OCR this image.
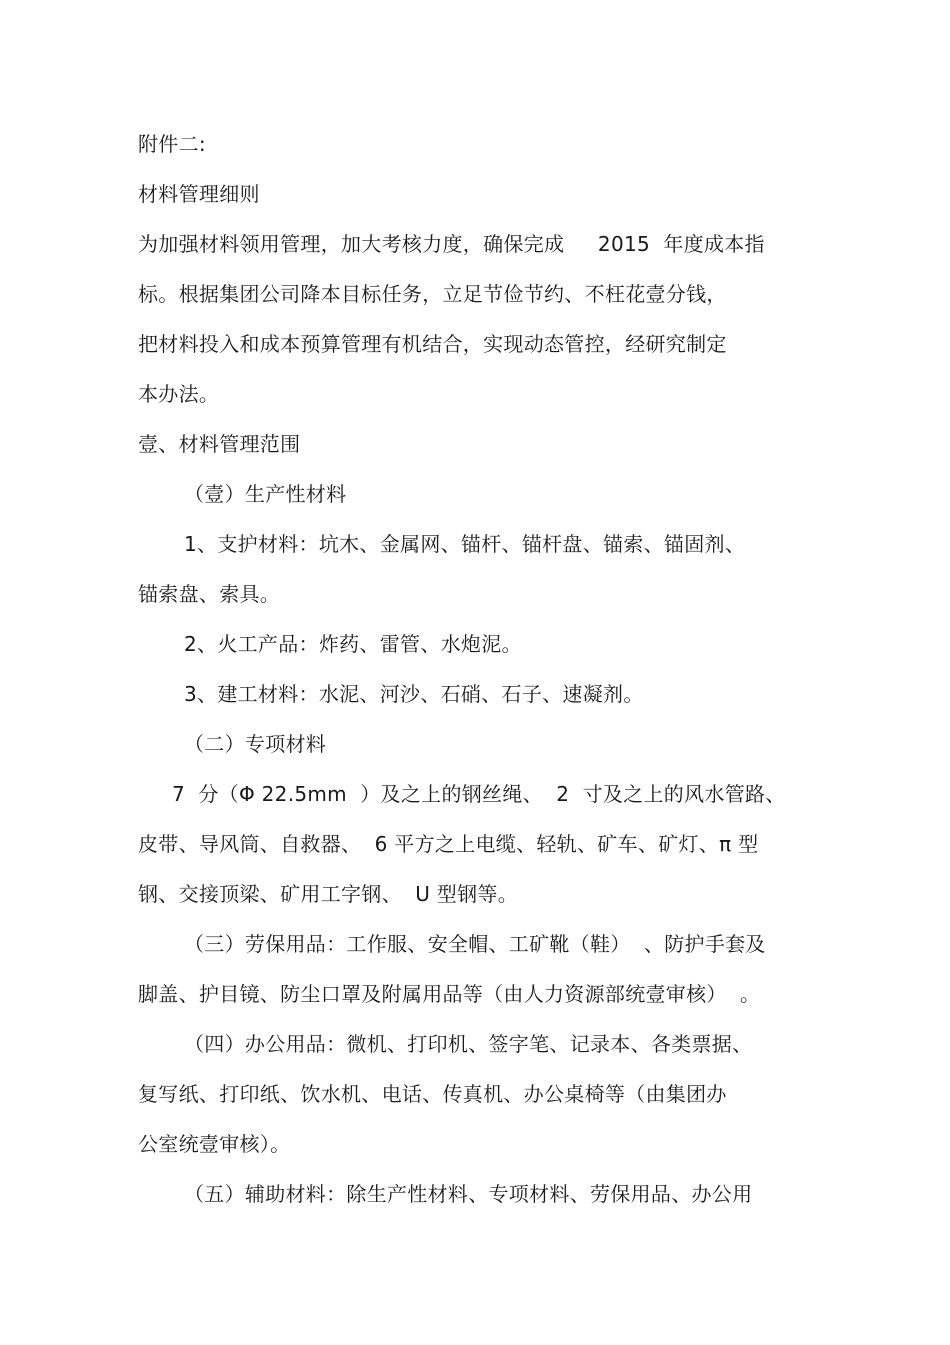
附件二:
材料管理细则
为加强材料领用管理，加大考核力度，确保完成 　 2015  年度成本指
标。根据集团公司降本目标任务，立足节俭节约、不枉花壹分钱，
把材料投入和成本预算管理有机结合，实现动态管控，经研究制定
本办法。
壹、材料管理范围
（壹）生产性材料
1、支护材料：坑木、金属网、锚杆、锚杆盘、锚索、锚固剂、
锚索盘、索具。
2、火工产品：炸药、雷管、水炮泥。
3、建工材料：水泥、河沙、石硝、石子、速凝剂。
（二）专项材料
7  分（Φ 22.5mm  ）及之上的钢丝绳、  2  寸及之上的风水管路、
皮带、导风筒、自救器、  6 平方之上电缆、轻轨、矿车、矿灯、π 型
钢、交接顶梁、矿用工字钢、  U 型钢等。
（三）劳保用品：工作服、安全帽、工矿靴（鞋）  、防护手套及
脚盖、护目镜、防尘口罩及附属用品等（由人力资源部统壹审核）  。
（四）办公用品：微机、打印机、签字笔、记录本、各类票据、
复写纸、打印纸、饮水机、电话、传真机、办公桌椅等（由集团办
公室统壹审核）。
（五）辅助材料：除生产性材料、专项材料、劳保用品、办公用
